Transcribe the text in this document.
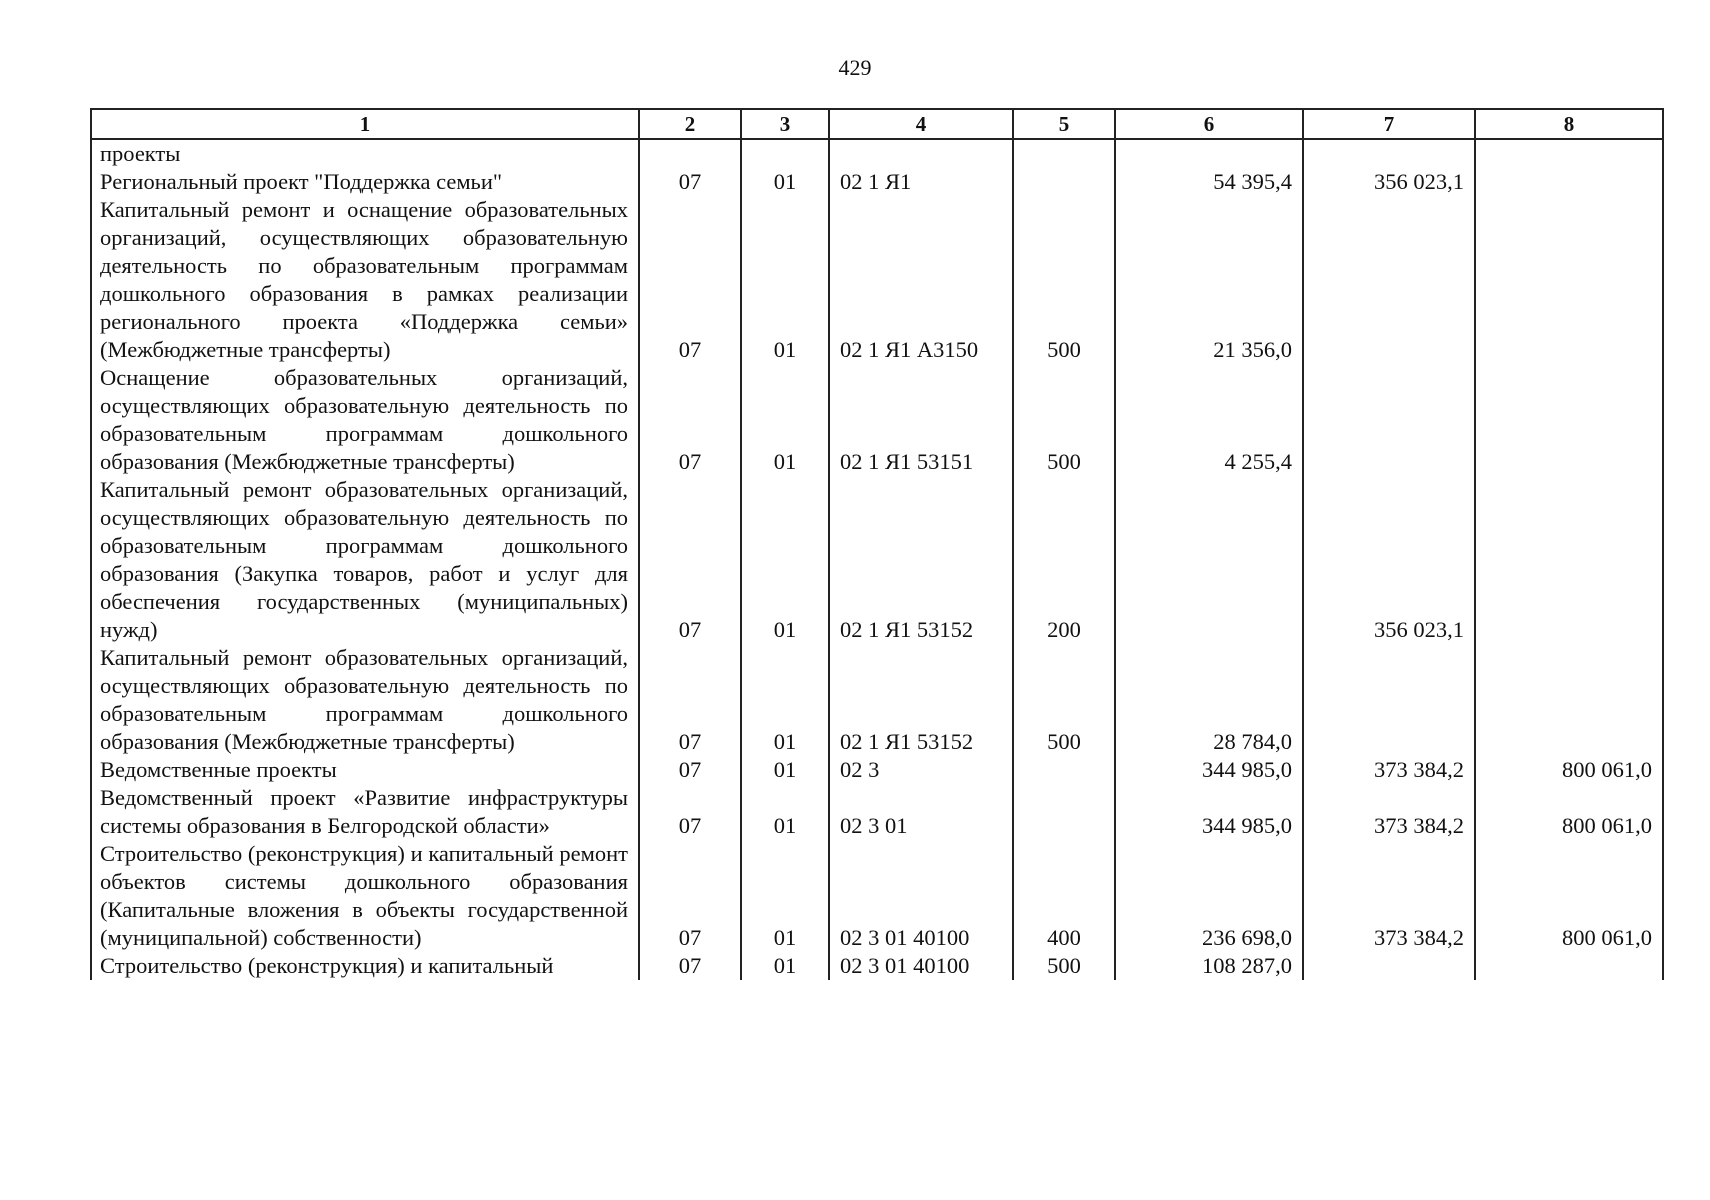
429
1	2	3	4	5	6	7	8
проекты							
Региональный проект "Поддержка семьи"	07	01	02 1 Я1		54 395,4	356 023,1	
Капитальный ремонт и оснащение образовательных организаций, осуществляющих образовательную деятельность по образовательным программам дошкольного образования в рамках реализации регионального проекта «Поддержка семьи» (Межбюджетные трансферты)	07	01	02 1 Я1 А3150	500	21 356,0		
Оснащение образовательных организаций, осуществляющих образовательную деятельность по образовательным программам дошкольного образования (Межбюджетные трансферты)	07	01	02 1 Я1 53151	500	4 255,4		
Капитальный ремонт образовательных организаций, осуществляющих образовательную деятельность по образовательным программам дошкольного образования (Закупка товаров, работ и услуг для обеспечения государственных (муниципальных) нужд)	07	01	02 1 Я1 53152	200		356 023,1	
Капитальный ремонт образовательных организаций, осуществляющих образовательную деятельность по образовательным программам дошкольного образования (Межбюджетные трансферты)	07	01	02 1 Я1 53152	500	28 784,0		
Ведомственные проекты	07	01	02 3		344 985,0	373 384,2	800 061,0
Ведомственный проект «Развитие инфраструктуры системы образования в Белгородской области»	07	01	02 3 01		344 985,0	373 384,2	800 061,0
Строительство (реконструкция) и капитальный ремонт объектов системы дошкольного образования (Капитальные вложения в объекты государственной (муниципальной) собственности)	07	01	02 3 01 40100	400	236 698,0	373 384,2	800 061,0
Строительство (реконструкция) и капитальный	07	01	02 3 01 40100	500	108 287,0		
